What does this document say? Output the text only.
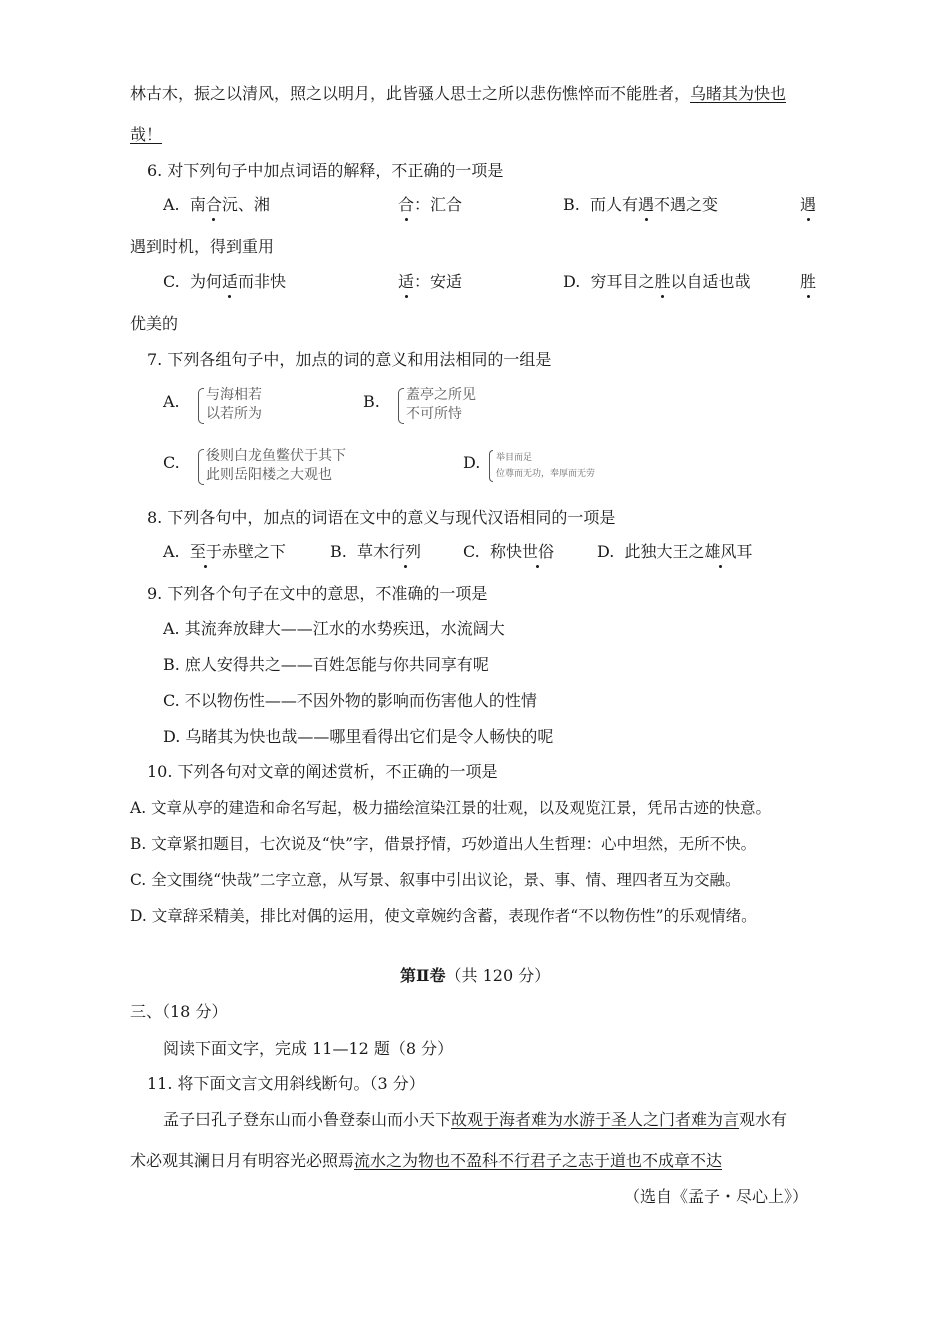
林古木，振之以清风，照之以明月，此皆骚人思士之所以悲伤憔悴而不能胜者，乌睹其为快也
哉！
6. 对下列句子中加点词语的解释，不正确的一项是
A. 南合沅、湘	合：汇合	B. 而人有遇不遇之变	遇
遇到时机，得到重用
C. 为何适而非快	适：安适	D. 穷耳目之胜以自适也哉	胜
优美的
7. 下列各组句子中，加点的词的意义和用法相同的一组是
A. 与海相若
以若所为
B. 蓋亭之所见
不可所恃
C. 後则白龙鱼鳖伏于其下
此则岳阳楼之大观也
D. 举目而足
位尊而无功，奉厚而无劳
8. 下列各句中，加点的词语在文中的意义与现代汉语相同的一项是
A. 至于赤壁之下	B. 草木行列	C. 称快世俗	D. 此独大王之雄风耳
9. 下列各个句子在文中的意思，不准确的一项是
A. 其流奔放肆大——江水的水势疾迅，水流阔大
B. 庶人安得共之——百姓怎能与你共同享有呢
C. 不以物伤性——不因外物的影响而伤害他人的性情
D. 乌睹其为快也哉——哪里看得出它们是令人畅快的呢
10. 下列各句对文章的阐述赏析，不正确的一项是
A. 文章从亭的建造和命名写起，极力描绘渲染江景的壮观，以及观览江景，凭吊古迹的快意。
B. 文章紧扣题目，七次说及“快”字，借景抒情，巧妙道出人生哲理：心中坦然，无所不快。
C. 全文围绕“快哉”二字立意，从写景、叙事中引出议论，景、事、情、理四者互为交融。
D. 文章辞采精美，排比对偶的运用，使文章婉约含蓄，表现作者“不以物伤性”的乐观情绪。
第Ⅱ卷（共 120 分）
三、（18 分）
阅读下面文字，完成 11—12 题（8 分）
11. 将下面文言文用斜线断句。（3 分）
孟子曰孔子登东山而小鲁登泰山而小天下故观于海者难为水游于圣人之门者难为言观水有
术必观其澜日月有明容光必照焉流水之为物也不盈科不行君子之志于道也不成章不达
（选自《孟子・尽心上》）
